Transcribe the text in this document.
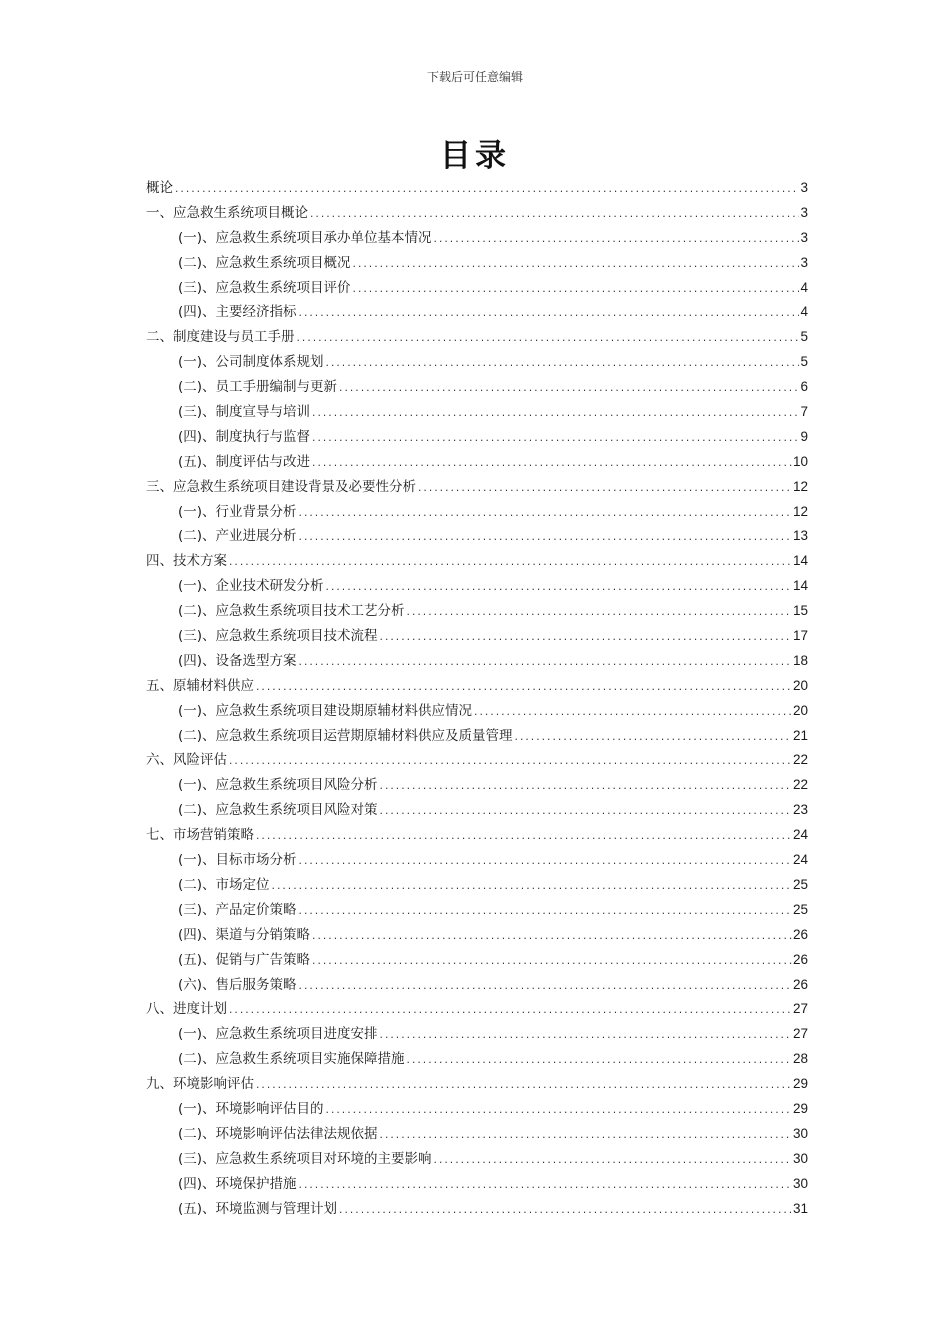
下载后可任意编辑
目录
概论 .....	3
一、应急救生系统项目概论 .....	3
(一)、应急救生系统项目承办单位基本情况 .....	3
(二)、应急救生系统项目概况 .....	3
(三)、应急救生系统项目评价 .....	4
(四)、主要经济指标 .....	4
二、制度建设与员工手册 .....	5
(一)、公司制度体系规划 .....	5
(二)、员工手册编制与更新 .....	6
(三)、制度宣导与培训 .....	7
(四)、制度执行与监督 .....	9
(五)、制度评估与改进 .....	10
三、应急救生系统项目建设背景及必要性分析 .....	12
(一)、行业背景分析 .....	12
(二)、产业进展分析 .....	13
四、技术方案 .....	14
(一)、企业技术研发分析 .....	14
(二)、应急救生系统项目技术工艺分析 .....	15
(三)、应急救生系统项目技术流程 .....	17
(四)、设备选型方案 .....	18
五、原辅材料供应 .....	20
(一)、应急救生系统项目建设期原辅材料供应情况 .....	20
(二)、应急救生系统项目运营期原辅材料供应及质量管理 .....	21
六、风险评估 .....	22
(一)、应急救生系统项目风险分析 .....	22
(二)、应急救生系统项目风险对策 .....	23
七、市场营销策略 .....	24
(一)、目标市场分析 .....	24
(二)、市场定位 .....	25
(三)、产品定价策略 .....	25
(四)、渠道与分销策略 .....	26
(五)、促销与广告策略 .....	26
(六)、售后服务策略 .....	26
八、进度计划 .....	27
(一)、应急救生系统项目进度安排 .....	27
(二)、应急救生系统项目实施保障措施 .....	28
九、环境影响评估 .....	29
(一)、环境影响评估目的 .....	29
(二)、环境影响评估法律法规依据 .....	30
(三)、应急救生系统项目对环境的主要影响 .....	30
(四)、环境保护措施 .....	30
(五)、环境监测与管理计划 .....	31
